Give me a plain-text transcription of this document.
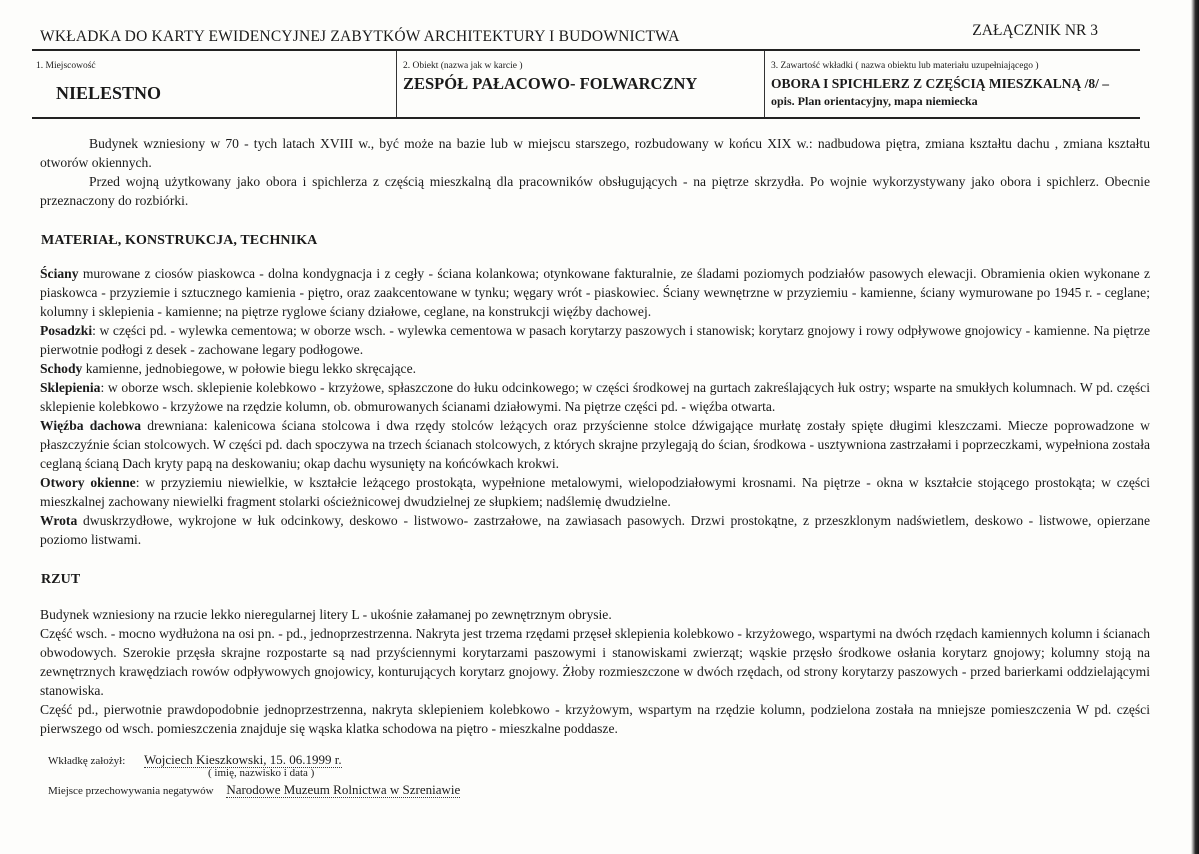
WKŁADKA DO KARTY EWIDENCYJNEJ ZABYTKÓW ARCHITEKTURY I BUDOWNICTWA	ZAŁĄCZNIK NR 3
1. Miejscowość
NIELESTNO
2. Obiekt (nazwa jak w karcie )
ZESPÓŁ PAŁACOWO- FOLWARCZNY
3. Zawartość wkładki ( nazwa obiektu lub materiału uzupełniającego )
OBORA I SPICHLERZ Z CZĘŚCIĄ MIESZKALNĄ /8/ –
opis. Plan orientacyjny, mapa niemiecka

Budynek wzniesiony w 70 - tych latach XVIII w., być może na bazie lub w miejscu starszego, rozbudowany w końcu XIX w.: nadbudowa piętra, zmiana kształtu dachu , zmiana kształtu otworów okiennych.

Przed wojną użytkowany jako obora i spichlerza z częścią mieszkalną dla pracowników obsługujących - na piętrze skrzydła. Po wojnie wykorzystywany jako obora i spichlerz. Obecnie przeznaczony do rozbiórki.

MATERIAŁ, KONSTRUKCJA, TECHNIKA

Ściany murowane z ciosów piaskowca - dolna kondygnacja i z cegły - ściana kolankowa; otynkowane fakturalnie, ze śladami poziomych podziałów pasowych elewacji. Obramienia okien wykonane z piaskowca - przyziemie i sztucznego kamienia - piętro, oraz zaakcentowane w tynku; węgary wrót - piaskowiec. Ściany wewnętrzne w przyziemiu - kamienne, ściany wymurowane po 1945 r. - ceglane; kolumny i sklepienia - kamienne; na piętrze ryglowe ściany działowe, ceglane, na konstrukcji więźby dachowej.

Posadzki: w części pd. - wylewka cementowa; w oborze wsch. - wylewka cementowa w pasach korytarzy paszowych i stanowisk; korytarz gnojowy i rowy odpływowe gnojowicy - kamienne. Na piętrze pierwotnie podłogi z desek - zachowane legary podłogowe.

Schody kamienne, jednobiegowe, w połowie biegu lekko skręcające.

Sklepienia: w oborze wsch. sklepienie kolebkowo - krzyżowe, spłaszczone do łuku odcinkowego; w części środkowej na gurtach zakreślających łuk ostry; wsparte na smukłych kolumnach. W pd. części sklepienie kolebkowo - krzyżowe na rzędzie kolumn, ob. obmurowanych ścianami działowymi. Na piętrze części pd. - więźba otwarta.

Więźba dachowa drewniana: kalenicowa ściana stolcowa i dwa rzędy stolców leżących oraz przyścienne stolce dźwigające murłatę zostały spięte długimi kleszczami. Miecze poprowadzone w płaszczyźnie ścian stolcowych. W części pd. dach spoczywa na trzech ścianach stolcowych, z których skrajne przylegają do ścian, środkowa - usztywniona zastrzałami i poprzeczkami, wypełniona została ceglaną ścianą Dach kryty papą na deskowaniu; okap dachu wysunięty na końcówkach krokwi.

Otwory okienne: w przyziemiu niewielkie, w kształcie leżącego prostokąta, wypełnione metalowymi, wielopodziałowymi krosnami. Na piętrze - okna w kształcie stojącego prostokąta; w części mieszkalnej zachowany niewielki fragment stolarki ościeżnicowej dwudzielnej ze słupkiem; nadślemię dwudzielne.

Wrota dwuskrzydłowe, wykrojone w łuk odcinkowy, deskowo - listwowo- zastrzałowe, na zawiasach pasowych. Drzwi prostokątne, z przeszklonym nadświetlem, deskowo - listwowe, opierzane poziomo listwami.

RZUT

Budynek wzniesiony na rzucie lekko nieregularnej litery L - ukośnie załamanej po zewnętrznym obrysie.

Część wsch. - mocno wydłużona na osi pn. - pd., jednoprzestrzenna. Nakryta jest trzema rzędami przęseł sklepienia kolebkowo - krzyżowego, wspartymi na dwóch rzędach kamiennych kolumn i ścianach obwodowych. Szerokie przęsła skrajne rozpostarte są nad przyściennymi korytarzami paszowymi i stanowiskami zwierząt; wąskie przęsło środkowe osłania korytarz gnojowy; kolumny stoją na zewnętrznych krawędziach rowów odpływowych gnojowicy, konturujących korytarz gnojowy. Żłoby rozmieszczone w dwóch rzędach, od strony korytarzy paszowych - przed barierkami oddzielającymi stanowiska.

Część pd., pierwotnie prawdopodobnie jednoprzestrzenna, nakryta sklepieniem kolebkowo - krzyżowym, wspartym na rzędzie kolumn, podzielona została na mniejsze pomieszczenia W pd. części pierwszego od wsch. pomieszczenia znajduje się wąska klatka schodowa na piętro - mieszkalne poddasze.

Wkładkę założył: Wojciech Kieszkowski, 15. 06.1999 r.
( imię, nazwisko i data )
Miejsce przechowywania negatywów Narodowe Muzeum Rolnictwa w Szreniawie
